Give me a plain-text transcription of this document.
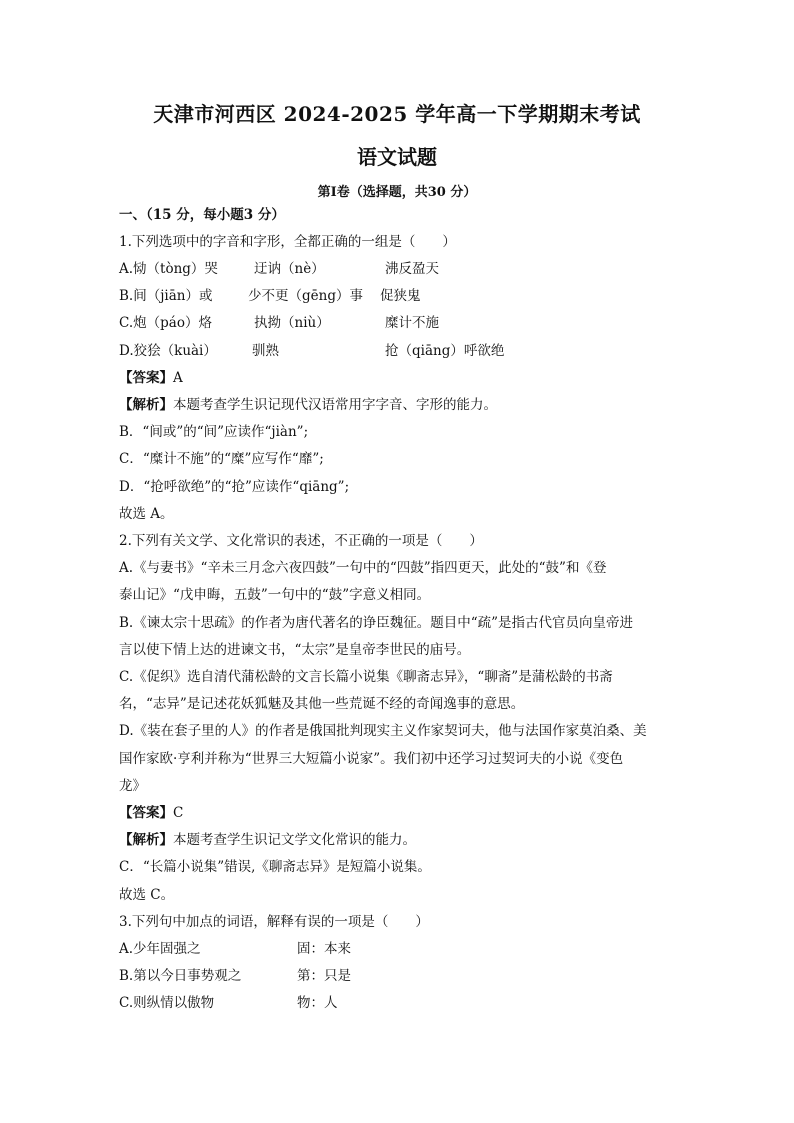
天津市河西区 2024-2025 学年高一下学期期末考试
语文试题
第Ⅰ卷（选择题，共30 分）
一、（15 分，每小题3 分）
1.下列选项中的字音和字形，全都正确的一组是（　　）
A.恸（tòng）哭	迂讷（nè）	沸反盈天
B.间（jiān）或	少不更（gēng）事 促狭鬼
C.炮（páo）烙	执拗（niù）	糜计不施
D.狡狯（kuài）	驯熟	抢（qiāng）呼欲绝
【答案】A
【解析】本题考查学生识记现代汉语常用字字音、字形的能力。
B．“间或”的“间”应读作“jiàn”;
C．“糜计不施”的“糜”应写作“靡”;
D．“抢呼欲绝”的“抢”应读作“qiāng”;
故选 A。
2.下列有关文学、文化常识的表述，不正确的一项是（　　）
A.《与妻书》“辛未三月念六夜四鼓”一句中的“四鼓”指四更天，此处的“鼓”和《登
泰山记》“戊申晦，五鼓”一句中的“鼓”字意义相同。
B.《谏太宗十思疏》的作者为唐代著名的诤臣魏征。题目中“疏”是指古代官员向皇帝进
言以使下情上达的进谏文书，“太宗”是皇帝李世民的庙号。
C.《促织》选自清代蒲松龄的文言长篇小说集《聊斋志异》，“聊斋”是蒲松龄的书斋
名，“志异”是记述花妖狐魅及其他一些荒诞不经的奇闻逸事的意思。
D.《装在套子里的人》的作者是俄国批判现实主义作家契诃夫，他与法国作家莫泊桑、美
国作家欧·亨利并称为“世界三大短篇小说家”。我们初中还学习过契诃夫的小说《变色
龙》
【答案】C
【解析】本题考查学生识记文学文化常识的能力。
C．“长篇小说集”错误,《聊斋志异》是短篇小说集。
故选 C。
3.下列句中加点的词语，解释有误的一项是（　　）
A.少年固强之	固：本来
B.第以今日事势观之	第：只是
C.则纵情以傲物	物：人
